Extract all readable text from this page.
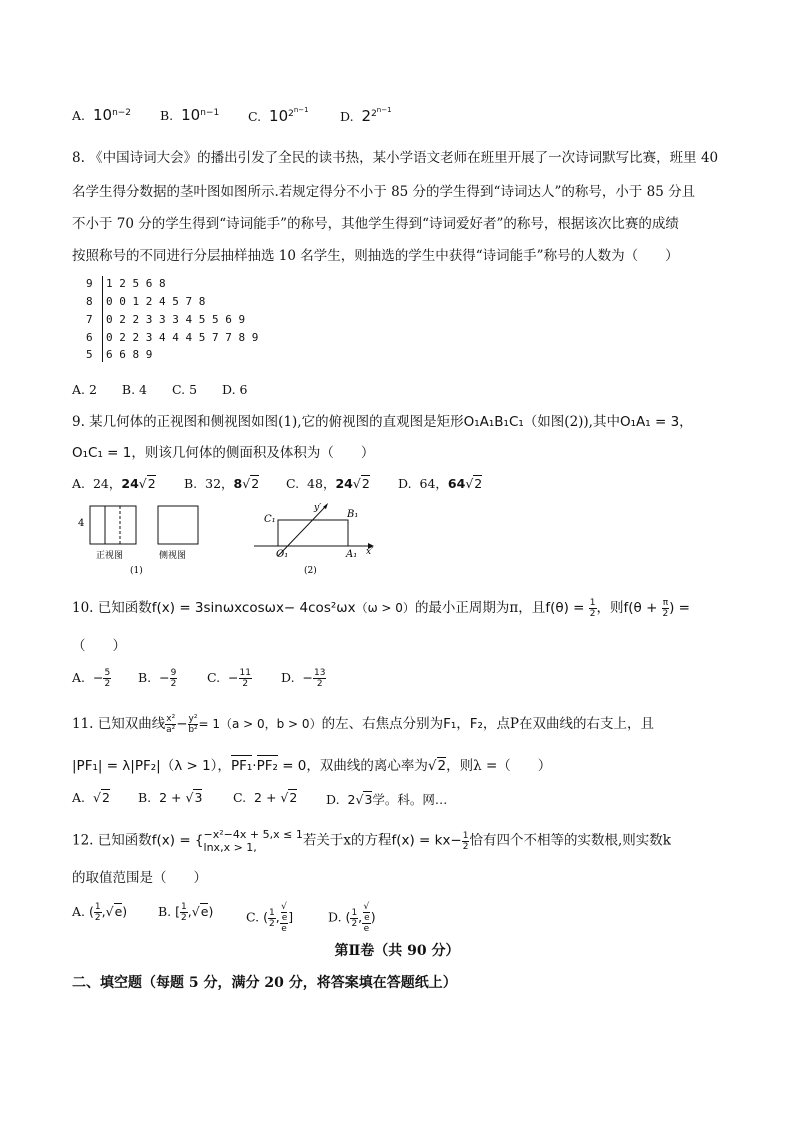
A. $10^{n-2}$ B. $10^{n-1}$ C. $10^{2^{n-1}}$	D. $2^{2^{n-1}}$
8. 《中国诗词大会》的播出引发了全民的读书热，某小学语文老师在班里开展了一次诗词默写比赛，班里 40
名学生得分数据的茎叶图如图所示.若规定得分不小于 85 分的学生得到“诗词达人”的称号，小于 85 分且
不小于 70 分的学生得到“诗词能手”的称号，其他学生得到“诗词爱好者”的称号，根据该次比赛的成绩
按照称号的不同进行分层抽样抽选 10 名学生，则抽选的学生中获得“诗词能手”称号的人数为（　　）
9 1 2 5 6 8
8 0 0 1 2 4 5 7 8
7 0 2 2 3 3 3 4 5 5 6 9
6 0 2 2 3 4 4 4 5 7 7 8 9
5 6 6 8 9
A. 2　　B. 4　　C. 5　　D. 6
9. 某几何体的正视图和侧视图如图(1),它的俯视图的直观图是矩形O₁A₁B₁C₁（如图(2)),其中O₁A₁ = 3，
O₁C₁ = 1，则该几何体的侧面积及体积为（　　）
A. 24，24√2 B. 32，8√2 C. 48，24√2 D. 64，64√2
4
正视图	侧视图
(1)
C₁	B₁
O₁	A₁ x′
y′
(2)
10. 已知函数f(x) = 3sinωxcosωx− 4cos²ωx（ω > 0）的最小正周期为π，且$f(\theta) = \frac{1}{2}$ ，则$f(\theta + \frac{\pi}{2}$ ) =
（　　）
A. − $\frac{5}{2} B$. − $\frac{9}{2} C$. − $\frac{11}{2} D$. − $\frac{13}{2}$
11. 已知双曲线 $\frac{\text{x²}}{\text{a²}} - \frac{\text{y²}}{\text{b²}} = 1(a > 0$，b > 0）的左、右焦点分别为F₁，F₂，点P在双曲线的右支上，且
|PF₁| = λ|PF₂|（λ > 1），
PF₁·
PF₂ = 0，双曲线的离心率为√2，则λ =（　　）
A. √2 B. 2 + √3 C. 2 + √2 D. 2√3学。科。网…
12. 已知函数f(x) = { −x²−4x + 5,x ≤ 1
lnx,x > 1,	若关于x的方程$f(x) = kx- \frac{1}{2}$ 恰有四个不相等的实数根,则实数k
的取值范围是（　　）
A. ( $\frac{1}{2} ,√e$) B. [ $\frac{1}{2} ,√e$)	C. ( $\frac{1}{2}$ , √
e
e ]	D. ( $\frac{1}{2}$ , √
e
e )
第Ⅱ卷（共 90 分）
二、填空题（每题 5 分，满分 20 分，将答案填在答题纸上）
